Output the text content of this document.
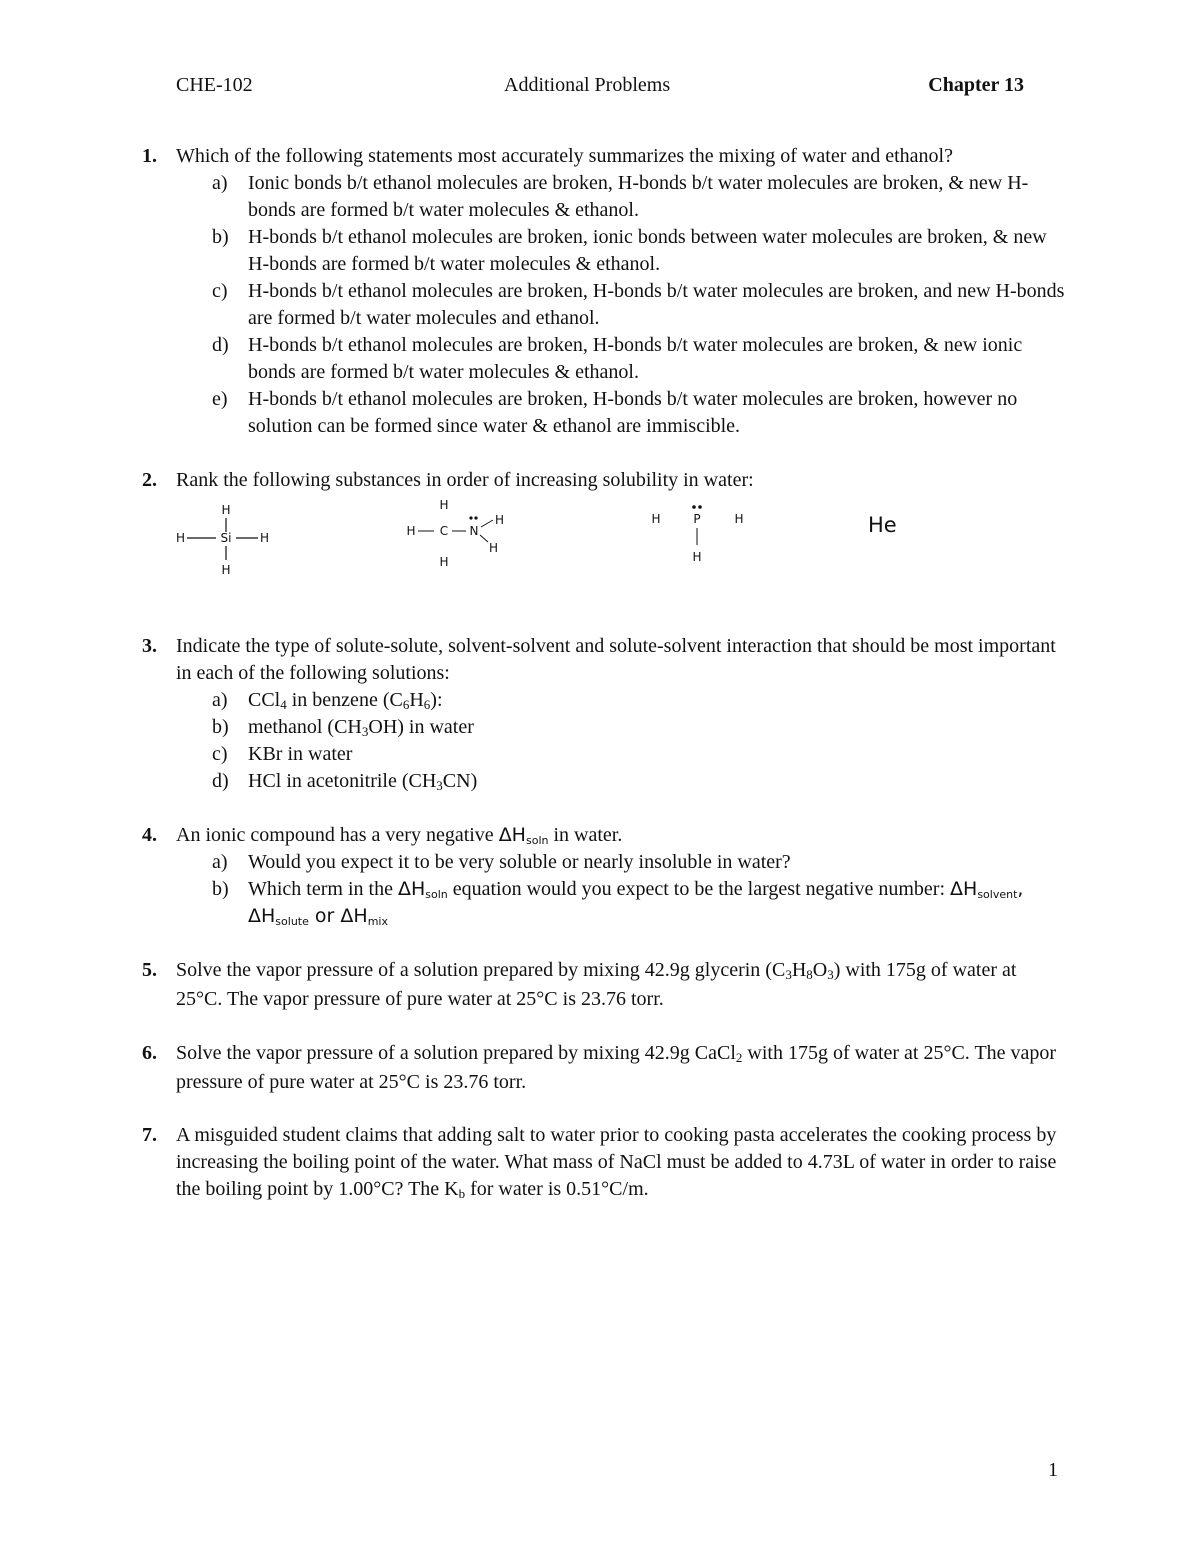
CHE-102	Additional Problems	Chapter 13
1. Which of the following statements most accurately summarizes the mixing of water and ethanol?
a) Ionic bonds b/t ethanol molecules are broken, H-bonds b/t water molecules are broken, & new H-bonds are formed b/t water molecules & ethanol.
b) H-bonds b/t ethanol molecules are broken, ionic bonds between water molecules are broken, & new H-bonds are formed b/t water molecules & ethanol.
c) H-bonds b/t ethanol molecules are broken, H-bonds b/t water molecules are broken, and new H-bonds are formed b/t water molecules and ethanol.
d) H-bonds b/t ethanol molecules are broken, H-bonds b/t water molecules are broken, & new ionic bonds are formed b/t water molecules & ethanol.
e) H-bonds b/t ethanol molecules are broken, H-bonds b/t water molecules are broken, however no solution can be formed since water & ethanol are immiscible.
2. Rank the following substances in order of increasing solubility in water:
H
H	Si H
H
H
H C N
H
H
H
H	P	H
H
He
3. Indicate the type of solute-solute, solvent-solvent and solute-solvent interaction that should be most important in each of the following solutions:
a) CCl$_4$ in benzene $(C_6H_6)$:
b) methanol $(CH_3OH)$ in water
c) KBr in water
d) HCl in acetonitrile $(CH_3CN)$
4. An ionic compound has a very negative $\Delta H_{soln}$ in water.
a) Would you expect it to be very soluble or nearly insoluble in water?
b) Which term in the $\Delta H_{soln}$ equation would you expect to be the largest negative number: $\Delta H_{solvent}$, $\Delta H_{solute}$ or $\Delta H_{mix}$
5. Solve the vapor pressure of a solution prepared by mixing 42.9g glycerin $(C_3H_8O_3)$ with 175g of water at 25°C. The vapor pressure of pure water at 25°C is 23.76 torr.
6. Solve the vapor pressure of a solution prepared by mixing 42.9g CaCl$_2$ with 175g of water at 25°C. The vapor pressure of pure water at 25°C is 23.76 torr.
7. A misguided student claims that adding salt to water prior to cooking pasta accelerates the cooking process by increasing the boiling point of the water. What mass of NaCl must be added to 4.73L of water in order to raise the boiling point by 1.00°C? The $K_b$ for water is 0.51°C/m.
1
